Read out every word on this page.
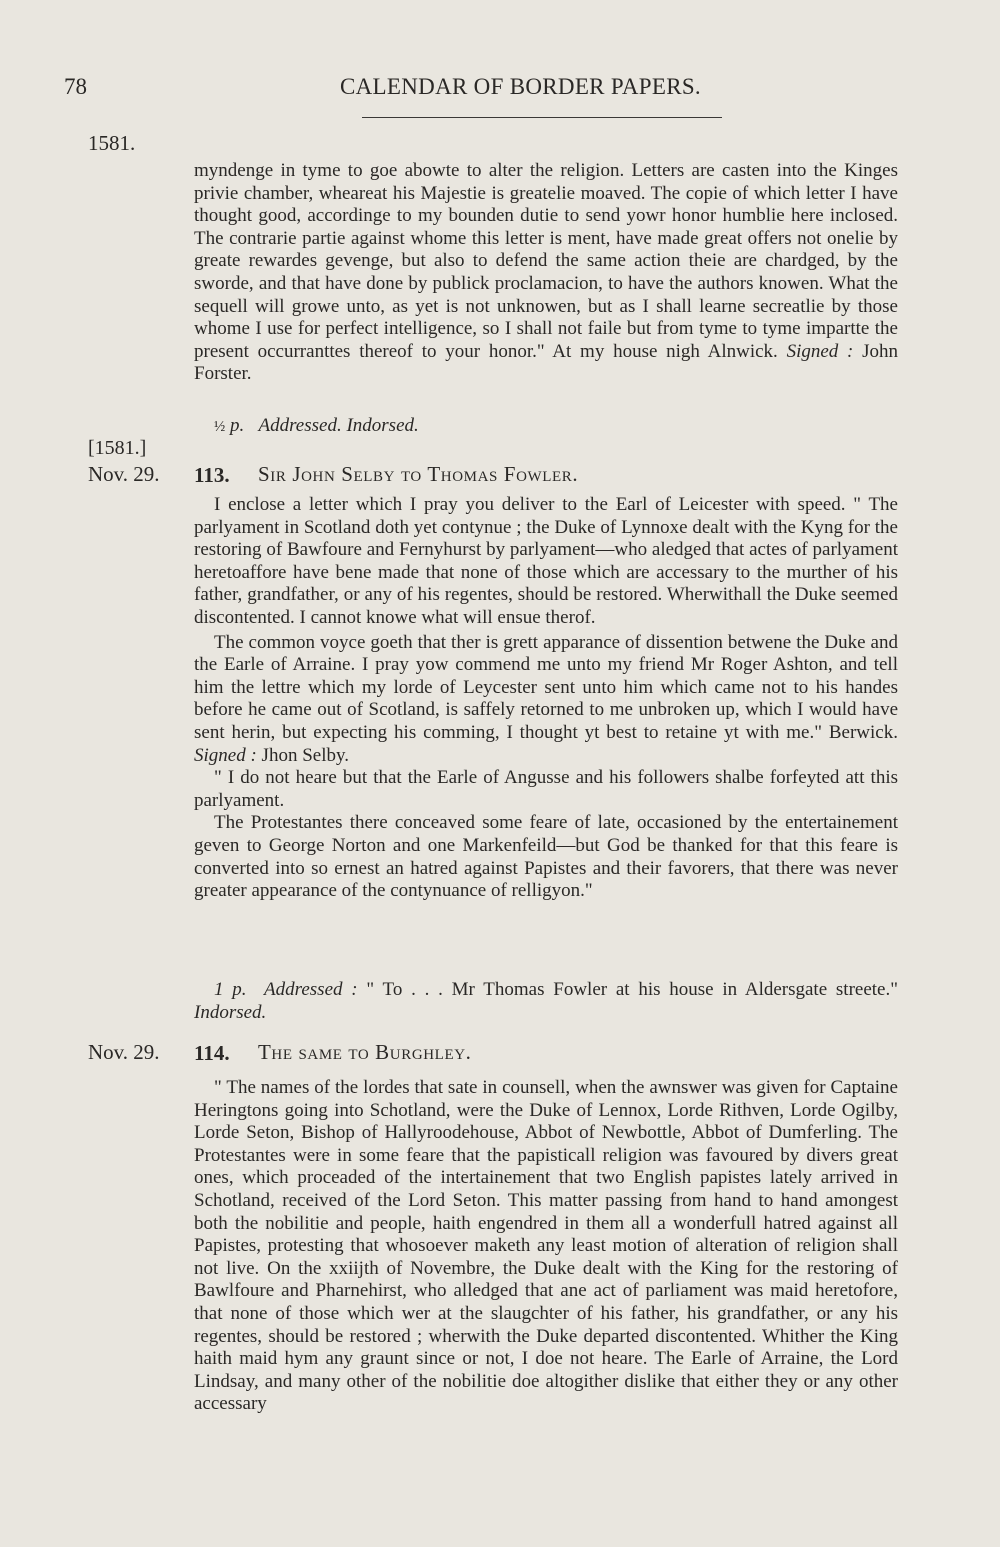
78	CALENDAR OF BORDER PAPERS.
1581.

myndenge in tyme to goe abowte to alter the religion. Letters are casten into the Kinges privie chamber, wheareat his Majestie is greatelie moaved. The copie of which letter I have thought good, accordinge to my bounden dutie to send yowr honor humblie here inclosed. The contrarie partie against whome this letter is ment, have made great offers not onelie by greate rewardes gevenge, but also to defend the same action theie are chardged, by the sworde, and that have done by publick proclamacion, to have the authors knowen. What the sequell will growe unto, as yet is not unknowen, but as I shall learne secreatlie by those whome I use for perfect intelligence, so I shall not faile but from tyme to tyme impartte the present occurranttes thereof to your honor." At my house nigh Alnwick. Signed : John Forster.

½ p. Addressed. Indorsed.
[1581.]
Nov. 29. 113. Sir John Selby to Thomas Fowler.

I enclose a letter which I pray you deliver to the Earl of Leicester with speed. " The parlyament in Scotland doth yet contynue ; the Duke of Lynnoxe dealt with the Kyng for the restoring of Bawfoure and Fernyhurst by parlyament—who aledged that actes of parlyament heretoaffore have bene made that none of those which are accessary to the murther of his father, grandfather, or any of his regentes, should be restored. Wherwithall the Duke seemed discontented. I cannot knowe what will ensue therof.

The common voyce goeth that ther is grett apparance of dissention betwene the Duke and the Earle of Arraine. I pray yow commend me unto my friend Mr Roger Ashton, and tell him the lettre which my lorde of Leycester sent unto him which came not to his handes before he came out of Scotland, is saffely retorned to me unbroken up, which I would have sent herin, but expecting his comming, I thought yt best to retaine yt with me." Berwick. Signed : Jhon Selby.

" I do not heare but that the Earle of Angusse and his followers shalbe forfeyted att this parlyament.

The Protestantes there conceaved some feare of late, occasioned by the entertainement geven to George Norton and one Markenfeild—but God be thanked for that this feare is converted into so ernest an hatred against Papistes and their favorers, that there was never greater appearance of the contynuance of relligyon."

1 p. Addressed : " To . . . Mr Thomas Fowler at his house in Aldersgate streete." Indorsed.

Nov. 29. 114. The same to Burghley.

" The names of the lordes that sate in counsell, when the awnswer was given for Captaine Heringtons going into Schotland, were the Duke of Lennox, Lorde Rithven, Lorde Ogilby, Lorde Seton, Bishop of Hallyroodehouse, Abbot of Newbottle, Abbot of Dumferling. The Protestantes were in some feare that the papisticall religion was favoured by divers great ones, which proceaded of the intertainement that two English papistes lately arrived in Schotland, received of the Lord Seton. This matter passing from hand to hand amongest both the nobilitie and people, haith engendred in them all a wonderfull hatred against all Papistes, protesting that whosoever maketh any least motion of alteration of religion shall not live. On the xxiijth of Novembre, the Duke dealt with the King for the restoring of Bawlfoure and Pharnehirst, who alledged that ane act of parliament was maid heretofore, that none of those which wer at the slaugchter of his father, his grandfather, or any his regentes, should be restored ; wherwith the Duke departed discontented. Whither the King haith maid hym any graunt since or not, I doe not heare. The Earle of Arraine, the Lord Lindsay, and many other of the nobilitie doe altogither dislike that either they or any other accessary
